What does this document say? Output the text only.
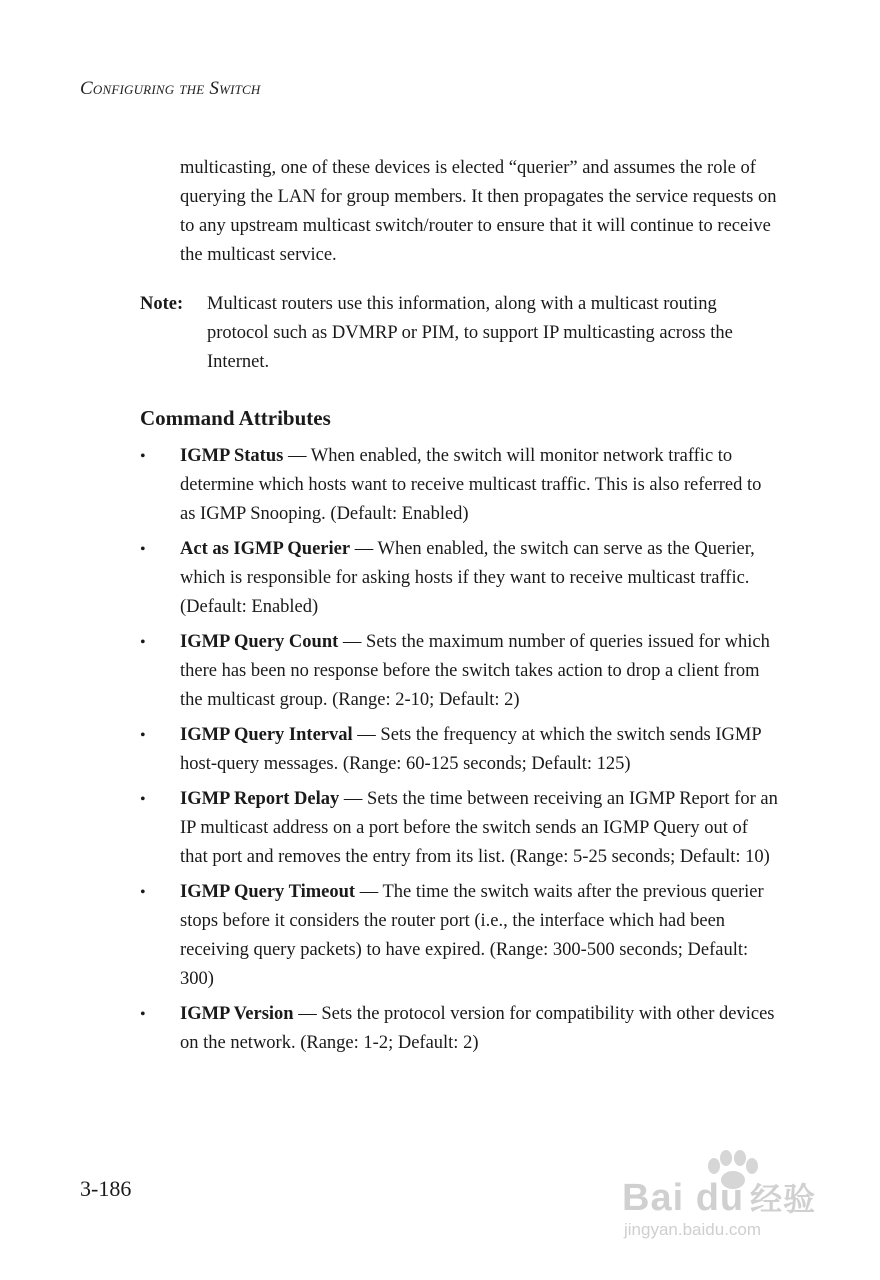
Configuring the Switch
multicasting, one of these devices is elected “querier” and assumes the role of querying the LAN for group members. It then propagates the service requests on to any upstream multicast switch/router to ensure that it will continue to receive the multicast service.
Note:	Multicast routers use this information, along with a multicast routing protocol such as DVMRP or PIM, to support IP multicasting across the Internet.
Command Attributes
•	IGMP Status — When enabled, the switch will monitor network traffic to determine which hosts want to receive multicast traffic. This is also referred to as IGMP Snooping. (Default: Enabled)
•	Act as IGMP Querier — When enabled, the switch can serve as the Querier, which is responsible for asking hosts if they want to receive multicast traffic. (Default: Enabled)
•	IGMP Query Count — Sets the maximum number of queries issued for which there has been no response before the switch takes action to drop a client from the multicast group. (Range: 2-10; Default: 2)
•	IGMP Query Interval — Sets the frequency at which the switch sends IGMP host-query messages. (Range: 60-125 seconds; Default: 125)
•	IGMP Report Delay — Sets the time between receiving an IGMP Report for an IP multicast address on a port before the switch sends an IGMP Query out of that port and removes the entry from its list. (Range: 5-25 seconds; Default: 10)
•	IGMP Query Timeout — The time the switch waits after the previous querier stops before it considers the router port (i.e., the interface which had been receiving query packets) to have expired. (Range: 300-500 seconds; Default: 300)
•	IGMP Version — Sets the protocol version for compatibility with other devices on the network. (Range: 1-2; Default: 2)
3-186	Bai du 经验
jingyan.baidu.com
